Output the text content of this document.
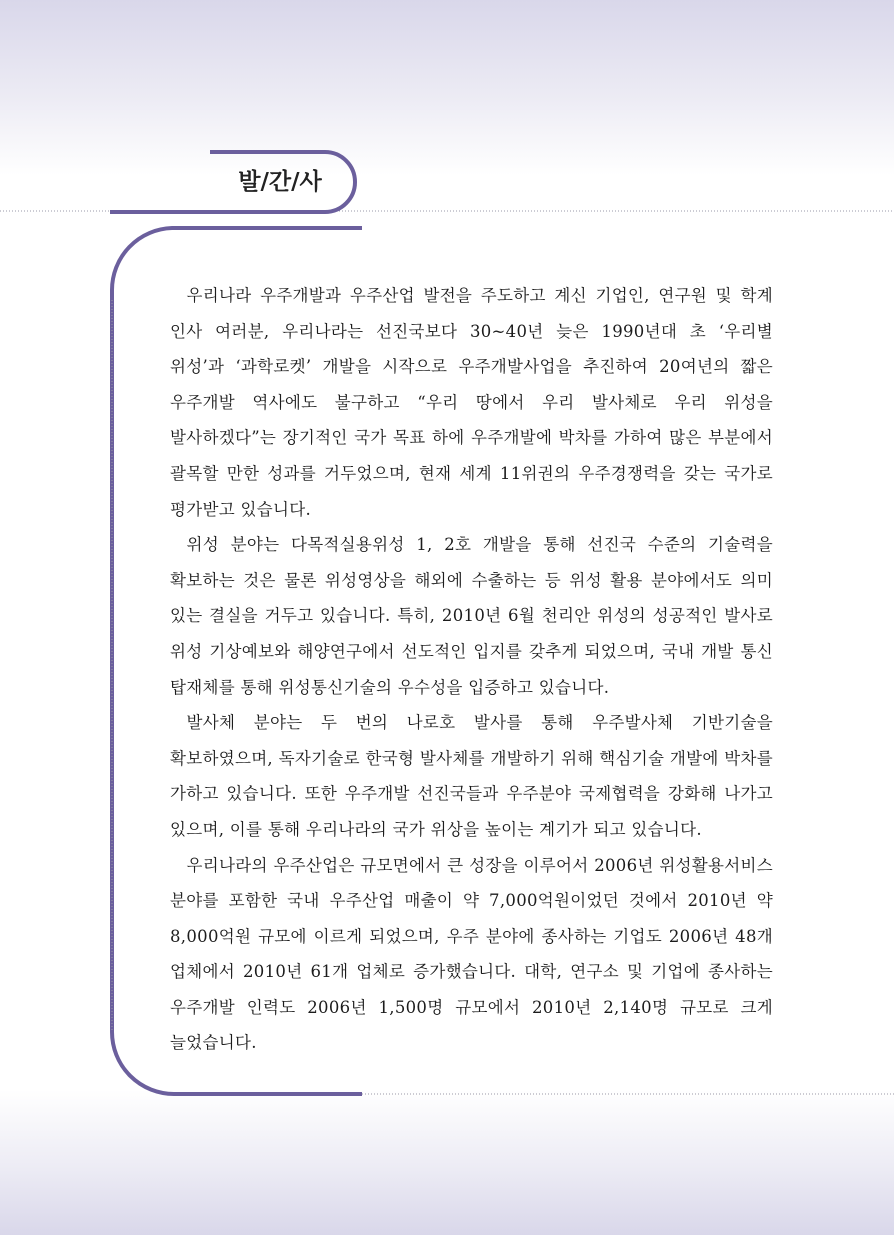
발/간/사

우리나라 우주개발과 우주산업 발전을 주도하고 계신 기업인, 연구원 및 학계 인사 여러분, 우리나라는 선진국보다 30~40년 늦은 1990년대 초 ‘우리별 위성’과 ‘과학로켓’ 개발을 시작으로 우주개발사업을 추진하여 20여년의 짧은 우주개발 역사에도 불구하고 “우리 땅에서 우리 발사체로 우리 위성을 발사하겠다”는 장기적인 국가 목표 하에 우주개발에 박차를 가하여 많은 부분에서 괄목할 만한 성과를 거두었으며, 현재 세계 11위권의 우주경쟁력을 갖는 국가로 평가받고 있습니다.

위성 분야는 다목적실용위성 1, 2호 개발을 통해 선진국 수준의 기술력을 확보하는 것은 물론 위성영상을 해외에 수출하는 등 위성 활용 분야에서도 의미 있는 결실을 거두고 있습니다. 특히, 2010년 6월 천리안 위성의 성공적인 발사로 위성 기상예보와 해양연구에서 선도적인 입지를 갖추게 되었으며, 국내 개발 통신 탑재체를 통해 위성통신기술의 우수성을 입증하고 있습니다.

발사체 분야는 두 번의 나로호 발사를 통해 우주발사체 기반기술을 확보하였으며, 독자기술로 한국형 발사체를 개발하기 위해 핵심기술 개발에 박차를 가하고 있습니다. 또한 우주개발 선진국들과 우주분야 국제협력을 강화해 나가고 있으며, 이를 통해 우리나라의 국가 위상을 높이는 계기가 되고 있습니다.

우리나라의 우주산업은 규모면에서 큰 성장을 이루어서 2006년 위성활용서비스 분야를 포함한 국내 우주산업 매출이 약 7,000억원이었던 것에서 2010년 약 8,000억원 규모에 이르게 되었으며, 우주 분야에 종사하는 기업도 2006년 48개 업체에서 2010년 61개 업체로 증가했습니다. 대학, 연구소 및 기업에 종사하는 우주개발 인력도 2006년 1,500명 규모에서 2010년 2,140명 규모로 크게 늘었습니다.
